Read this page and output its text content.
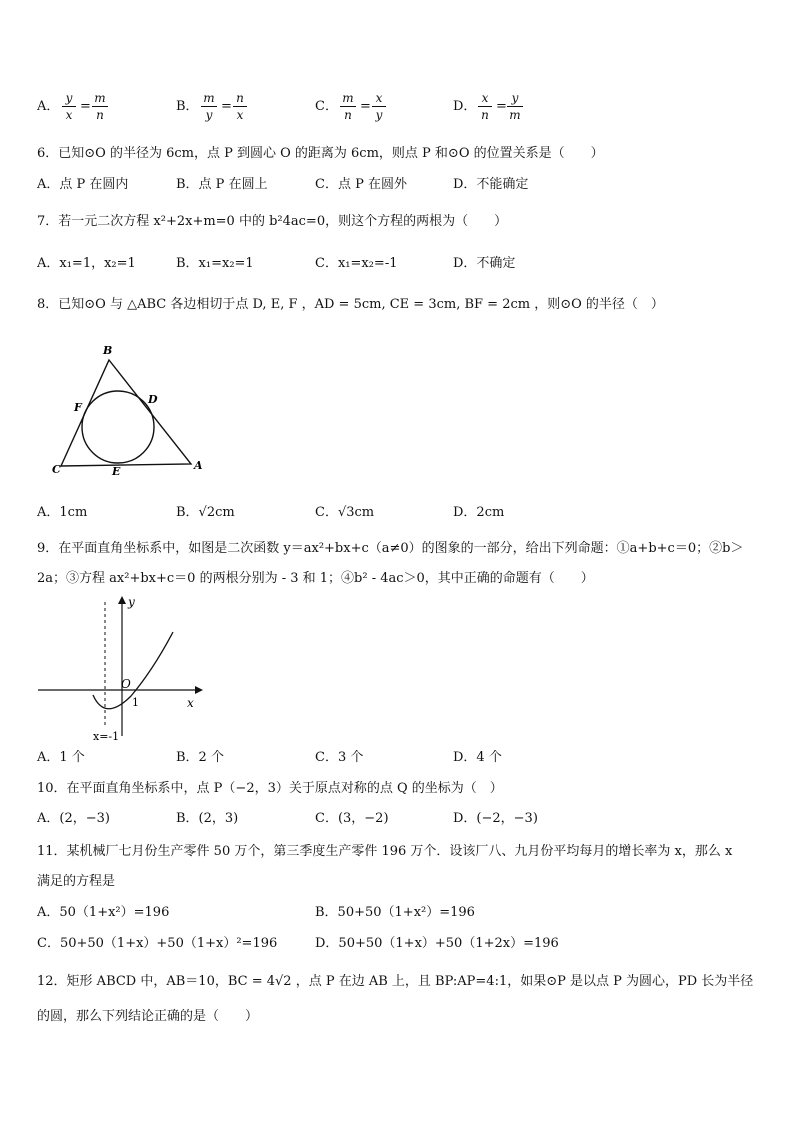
A．
y
x
=
m
n
B．
m
y
=
n
x
C．
m
n
=
x
y
D．
x
n
=
y
m
6．已知⊙O 的半径为 6cm，点 P 到圆心 O 的距离为 6cm，则点 P 和⊙O 的位置关系是（　　）
A．点 P 在圆内	B．点 P 在圆上	C．点 P 在圆外	D．不能确定
7．若一元二次方程 x²+2x+m=0 中的 b²4ac=0，则这个方程的两根为（　　）
A．x₁=1，x₂=1	B．x₁=x₂=1	C．x₁=x₂=-1	D．不确定
8．已知⊙O 与 △ABC 各边相切于点 D, E, F ，AD = 5cm, CE = 3cm, BF = 2cm ，则⊙O 的半径（　）
B
D
F
C	E	A
A．1cm	B．√2cm	C．√3cm	D．2cm
9．在平面直角坐标系中，如图是二次函数 y＝ax²+bx+c（a≠0）的图象的一部分，给出下列命题：①a+b+c＝0；②b＞
2a；③方程 ax²+bx+c＝0 的两根分别为 - 3 和 1；④b² - 4ac＞0，其中正确的命题有（　　）
y
x
O
1
x=-1
A．1 个	B．2 个	C．3 个	D．4 个
10．在平面直角坐标系中，点 P（−2，3）关于原点对称的点 Q 的坐标为（　）
A．(2，−3)	B．(2，3)	C．(3，−2)	D．(−2，−3)
11．某机械厂七月份生产零件 50 万个，第三季度生产零件 196 万个．设该厂八、九月份平均每月的增长率为 x，那么 x
满足的方程是
A．50（1+x²）=196	B．50+50（1+x²）=196
C．50+50（1+x）+50（1+x）²=196	D．50+50（1+x）+50（1+2x）=196
12．矩形 ABCD 中，AB＝10，BC = 4√2 ，点 P 在边 AB 上，且 BP:AP=4:1，如果⊙P 是以点 P 为圆心，PD 长为半径
的圆，那么下列结论正确的是（　　）
